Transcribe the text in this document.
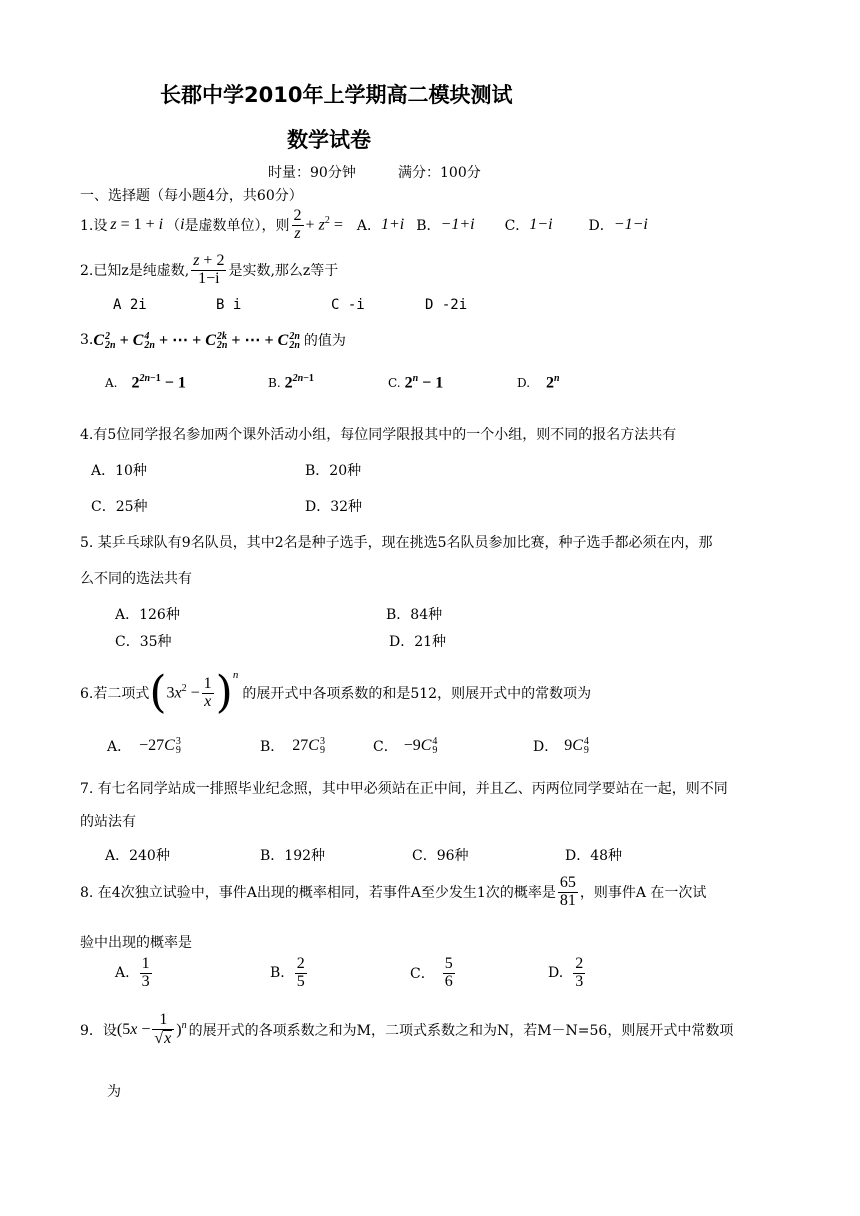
长郡中学2010年上学期高二模块测试
数学试卷
时量：90分钟	满分：100分
一、选择题（每小题4分，共60分）
1.设 z = 1 + i （ i 是虚数单位），则 $\frac{2}{z} + z^2 = A$． 1+i B． −1+i C． 1−i	D． −1−i
2.已知z是纯虚数, $\frac{z + 2}{1-i}$ 是实数,那么z等于
A 2i	B i	C -i	D -2i
3. C 2
2n + C 4
2n + ⋯ + C 2k
2n + ⋯ + C 2n
2n 的值为
A. $2^{2n-1} - 1$	B. $2^{2n-1}$	C. $2^n - 1$	D. 2$^n$
4.有5位同学报名参加两个课外活动小组，每位同学限报其中的一个小组，则不同的报名方法共有
A．10种	B．20种
C．25种	D．32种
5. 某乒乓球队有9名队员，其中2名是种子选手，现在挑选5名队员参加比赛，种子选手都必须在内，那
么不同的选法共有
A．126种	B．84种
C．35种	D．21种
6.若二项式 ( $3x^2 - \frac{1}{x}$ ) n
的展开式中各项系数的和是512，则展开式中的常数项为
A． −27C 3
9	B． 27C 3
9	C． −9C 4
9	D． 9C 4
9
7. 有七名同学站成一排照毕业纪念照，其中甲必须站在正中间，并且乙、丙两位同学要站在一起，则不同
的站法有
A．240种	B．192种	C．96种	D．48种
8. 在4次独立试验中，事件A出现的概率相同，若事件A至少发生1次的概率是 $\frac{65}{81}$ ，则事件A 在一次试
验中出现的概率是
A. $\frac{1}{3}$	B. $\frac{2}{5}$	C． $\frac{5}{6}$	D. $\frac{2}{3}$
9．设 $(5x - \frac{1}{√x} )^n$ 的展开式的各项系数之和为M，二项式系数之和为N，若M－N=56，则展开式中常数项
为
